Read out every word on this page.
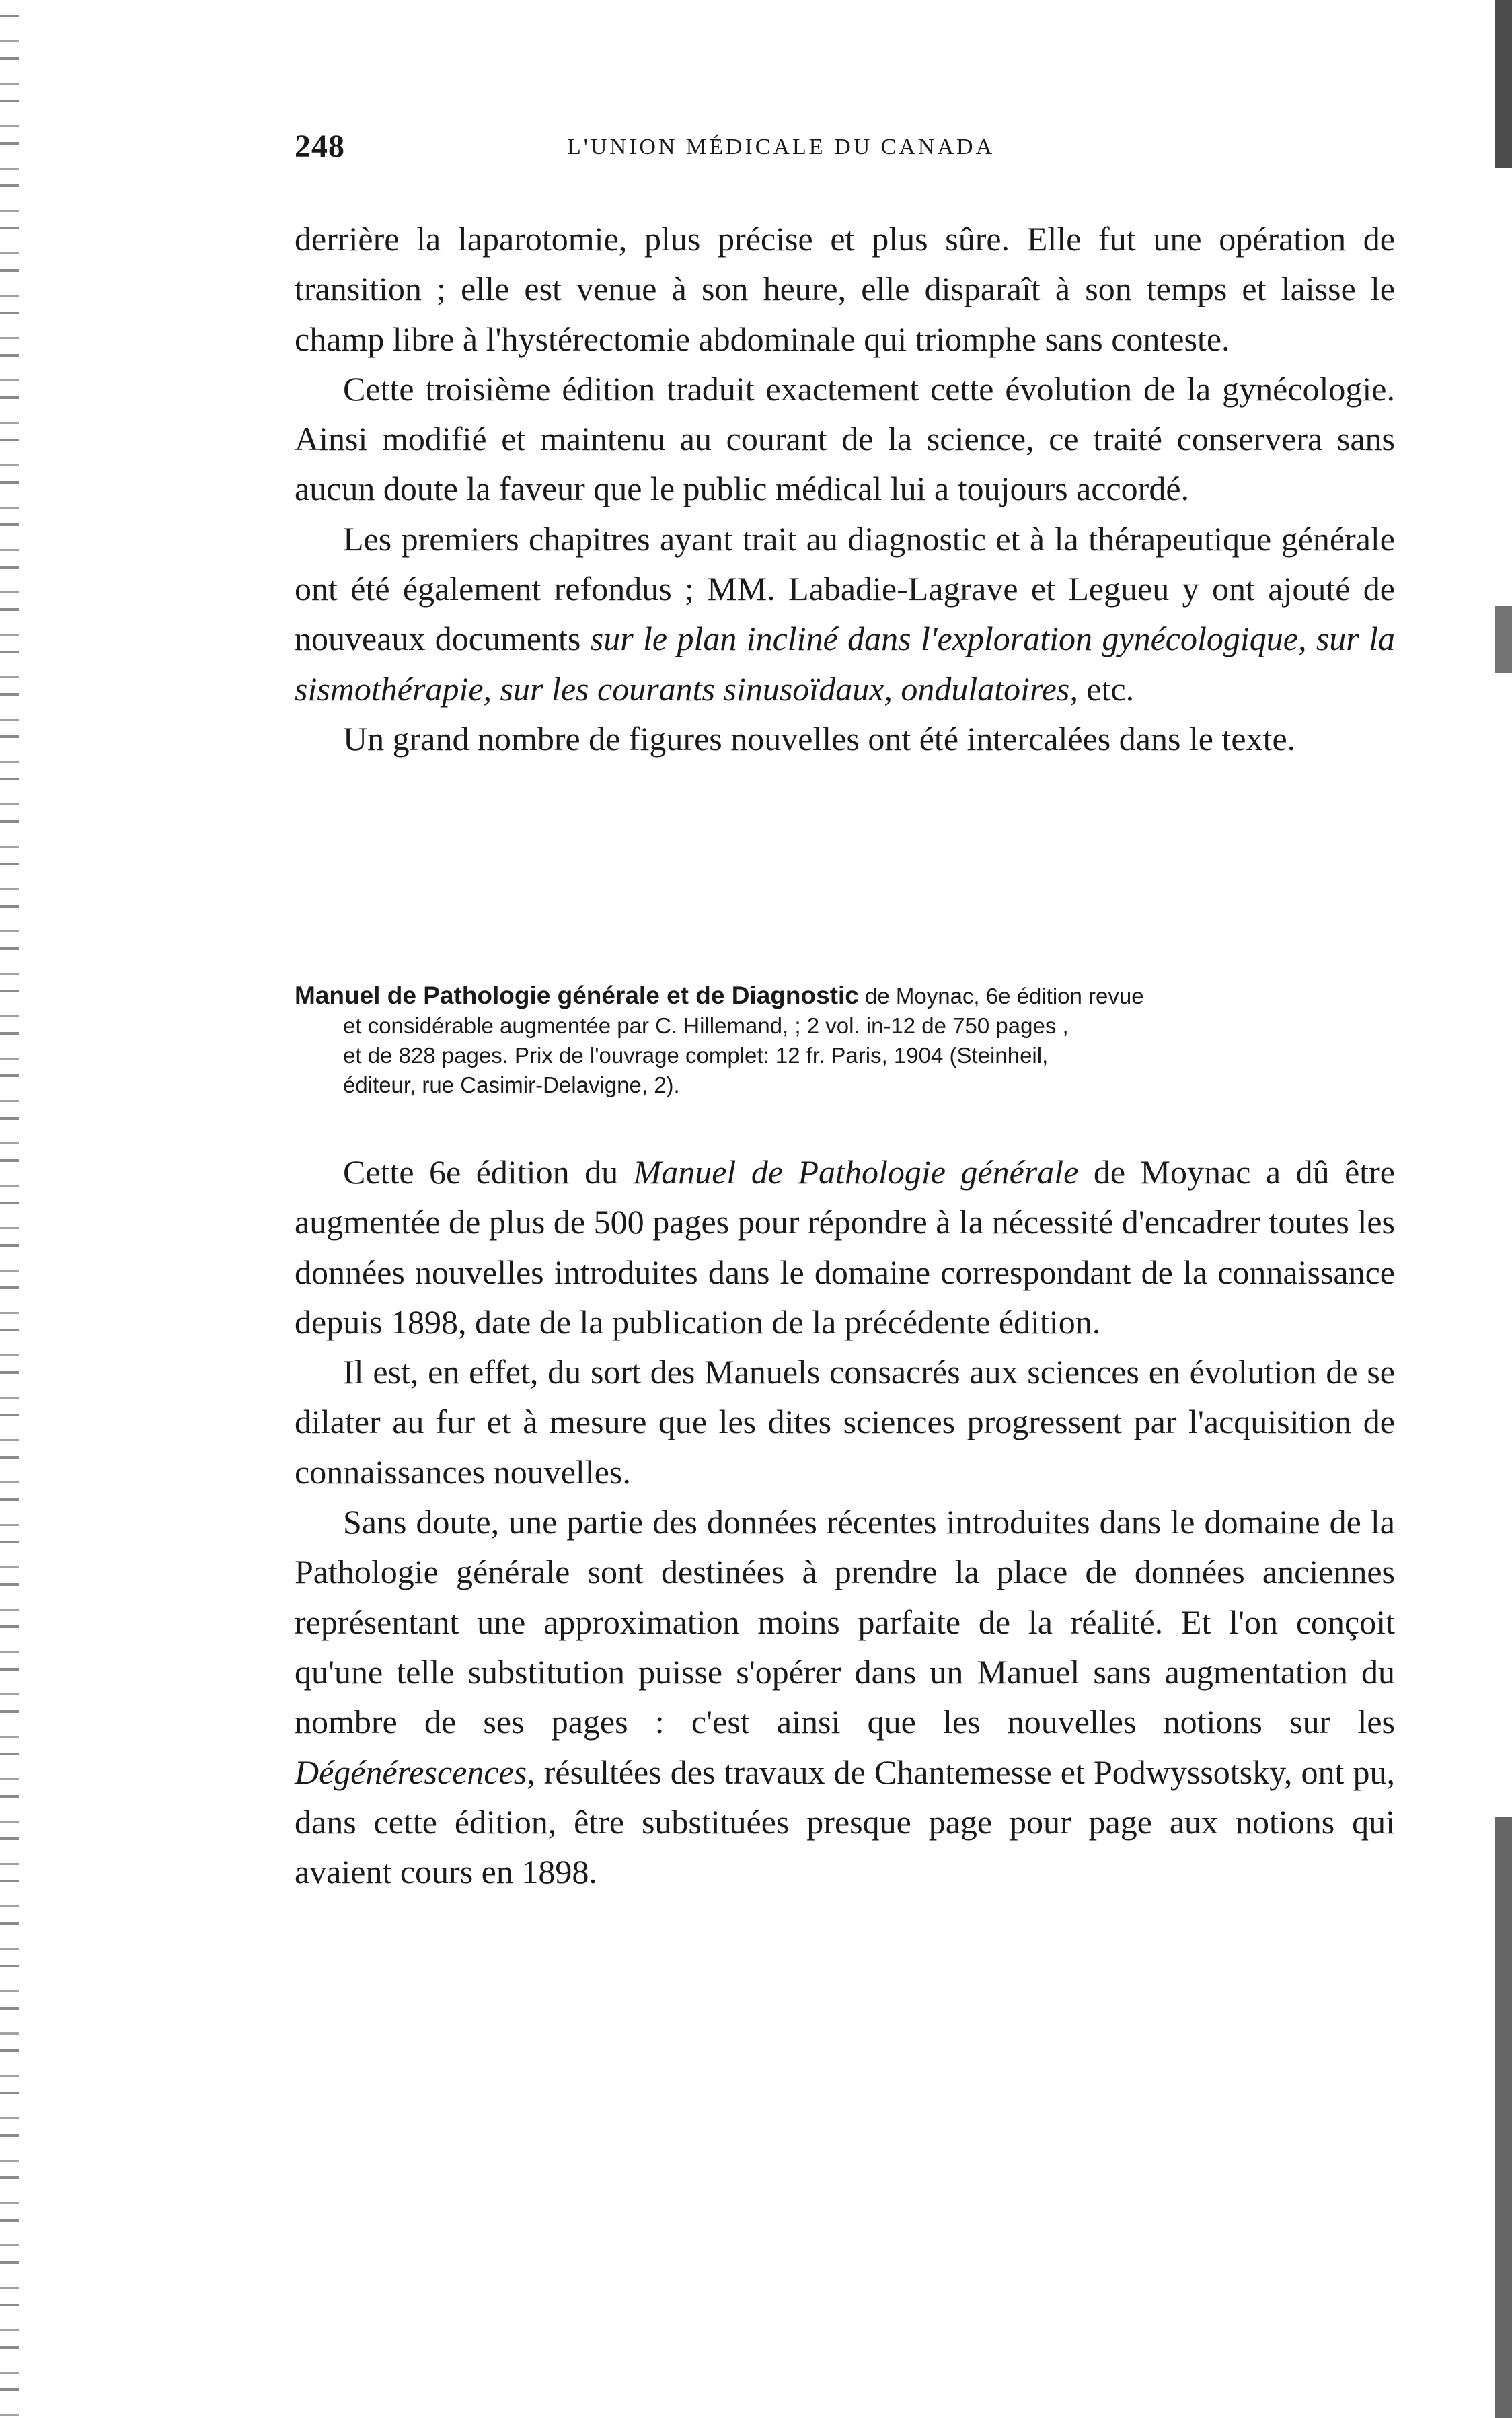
248	L'UNION MÉDICALE DU CANADA

derrière la laparotomie, plus précise et plus sûre. Elle fut une opération de transition ; elle est venue à son heure, elle disparaît à son temps et laisse le champ libre à l'hystérectomie abdominale qui triomphe sans conteste.

Cette troisième édition traduit exactement cette évolution de la gynécologie. Ainsi modifié et maintenu au courant de la science, ce traité conservera sans aucun doute la faveur que le public médical lui a toujours accordé.

Les premiers chapitres ayant trait au diagnostic et à la thérapeutique générale ont été également refondus ; MM. Labadie-Lagrave et Legueu y ont ajouté de nouveaux documents sur le plan incliné dans l'exploration gynécologique, sur la sismothérapie, sur les courants sinusoïdaux, ondulatoires, etc.

Un grand nombre de figures nouvelles ont été intercalées dans le texte.

Manuel de Pathologie générale et de Diagnostic de Moynac, 6e édition revue

et considérable augmentée par C. Hillemand, ; 2 vol. in-12 de 750 pages ,

et de 828 pages. Prix de l'ouvrage complet: 12 fr. Paris, 1904 (Steinheil,

éditeur, rue Casimir-Delavigne, 2).

Cette 6e édition du Manuel de Pathologie générale de Moynac a dû être augmentée de plus de 500 pages pour répondre à la nécessité d'encadrer toutes les données nouvelles introduites dans le domaine correspondant de la connaissance depuis 1898, date de la publication de la précédente édition.

Il est, en effet, du sort des Manuels consacrés aux sciences en évolution de se dilater au fur et à mesure que les dites sciences progressent par l'acquisition de connaissances nouvelles.

Sans doute, une partie des données récentes introduites dans le domaine de la Pathologie générale sont destinées à prendre la place de données anciennes représentant une approximation moins parfaite de la réalité. Et l'on conçoit qu'une telle substitution puisse s'opérer dans un Manuel sans augmentation du nombre de ses pages : c'est ainsi que les nouvelles notions sur les Dégénérescences, résultées des travaux de Chantemesse et Podwyssotsky, ont pu, dans cette édition, être substituées presque page pour page aux notions qui avaient cours en 1898.
